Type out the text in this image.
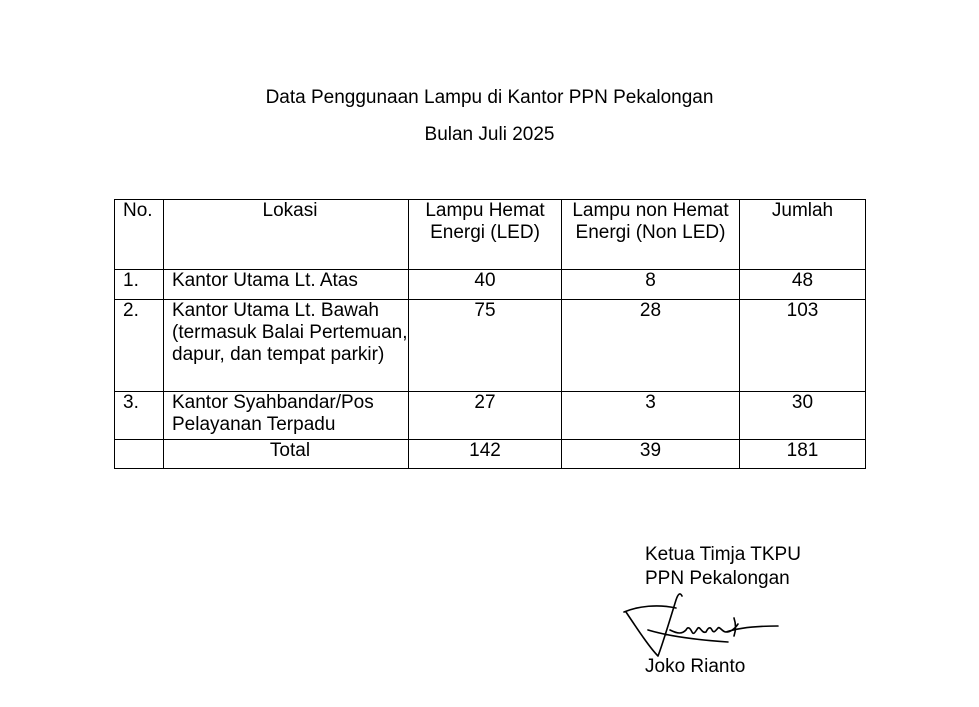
Data Penggunaan Lampu di Kantor PPN Pekalongan
Bulan Juli 2025
No.	Lokasi	Lampu Hemat Energi (LED)	Lampu non Hemat Energi (Non LED)	Jumlah
1.	Kantor Utama Lt. Atas	40	8	48
2.	Kantor Utama Lt. Bawah (termasuk Balai Pertemuan, dapur, dan tempat parkir)	75	28	103
3.	Kantor Syahbandar/Pos Pelayanan Terpadu	27	3	30
	Total	142	39	181
Ketua Timja TKPU
PPN Pekalongan
Joko Rianto
